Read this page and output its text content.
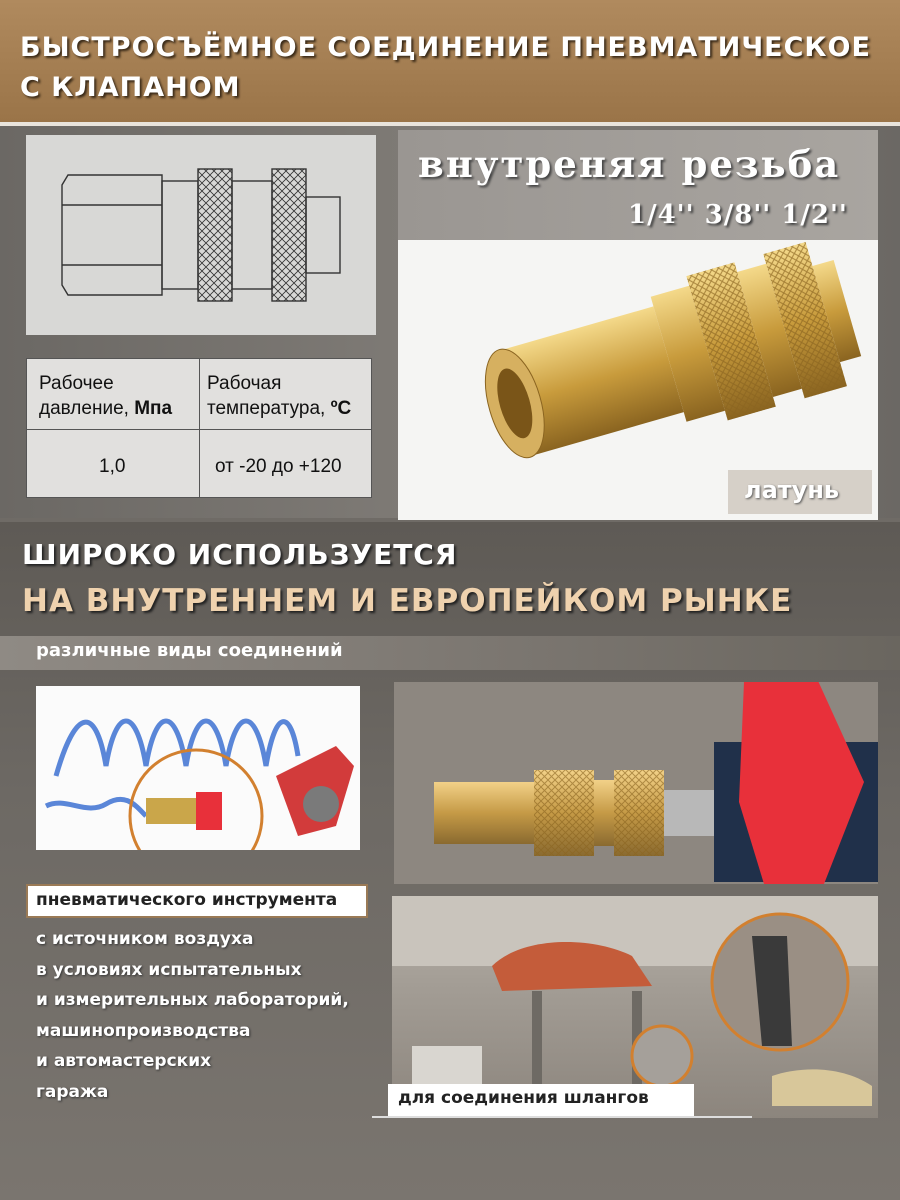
БЫСТРОСЪЁМНОЕ СОЕДИНЕНИЕ ПНЕВМАТИЧЕСКОЕ
С КЛАПАНОМ
Рабочее давление, Мпа
Рабочая температура, ºC
1,0	от -20 до +120
внутреняя резьба
1/4'' 3/8'' 1/2''
латунь
ШИРОКО ИСПОЛЬЗУЕТСЯ
НА ВНУТРЕННЕМ И ЕВРОПЕЙКОМ РЫНКЕ
различные виды соединений
пневматического инструмента
с источником воздуха
в условиях испытательных
и измерительных лабораторий,
машинопроизводства
и автомастерских
гаража	для соединения шлангов
